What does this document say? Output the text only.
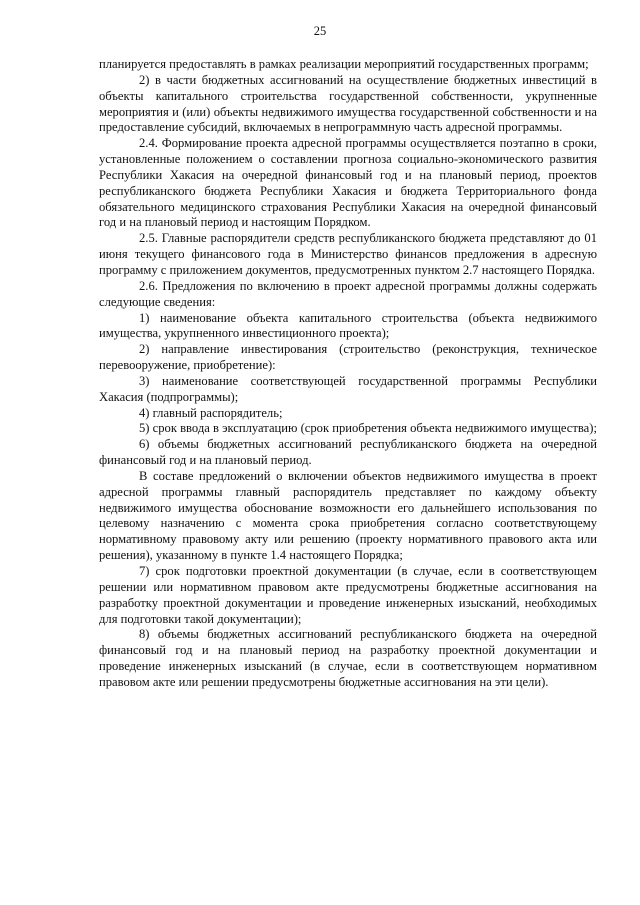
25

планируется предоставлять в рамках реализации мероприятий государственных программ;

2) в части бюджетных ассигнований на осуществление бюджетных инвестиций в объекты капитального строительства государственной собственности, укрупненные мероприятия и (или) объекты недвижимого имущества государственной собственности и на предоставление субсидий, включаемых в непрограммную часть адресной программы.

2.4. Формирование проекта адресной программы осуществляется поэтапно в сроки, установленные положением о составлении прогноза социально-экономического развития Республики Хакасия на очередной финансовый год и на плановый период, проектов республиканского бюджета Республики Хакасия и бюджета Территориального фонда обязательного медицинского страхования Республики Хакасия на очередной финансовый год и на плановый период и настоящим Порядком.

2.5. Главные распорядители средств республиканского бюджета представляют до 01 июня текущего финансового года в Министерство финансов предложения в адресную программу с приложением документов, предусмотренных пунктом 2.7 настоящего Порядка.

2.6. Предложения по включению в проект адресной программы должны содержать следующие сведения:

1) наименование объекта капитального строительства (объекта недвижимого имущества, укрупненного инвестиционного проекта);

2) направление инвестирования (строительство (реконструкция, техническое перевооружение, приобретение):

3) наименование соответствующей государственной программы Республики Хакасия (подпрограммы);

4) главный распорядитель;

5) срок ввода в эксплуатацию (срок приобретения объекта недвижимого имущества);

6) объемы бюджетных ассигнований республиканского бюджета на очередной финансовый год и на плановый период.

В составе предложений о включении объектов недвижимого имущества в проект адресной программы главный распорядитель представляет по каждому объекту недвижимого имущества обоснование возможности его дальнейшего использования по целевому назначению с момента срока приобретения согласно соответствующему нормативному правовому акту или решению (проекту нормативного правового акта или решения), указанному в пункте 1.4 настоящего Порядка;

7) срок подготовки проектной документации (в случае, если в соответствующем решении или нормативном правовом акте предусмотрены бюджетные ассигнования на разработку проектной документации и проведение инженерных изысканий, необходимых для подготовки такой документации);

8) объемы бюджетных ассигнований республиканского бюджета на очередной финансовый год и на плановый период на разработку проектной документации и проведение инженерных изысканий (в случае, если в соответствующем нормативном правовом акте или решении предусмотрены бюджетные ассигнования на эти цели).
